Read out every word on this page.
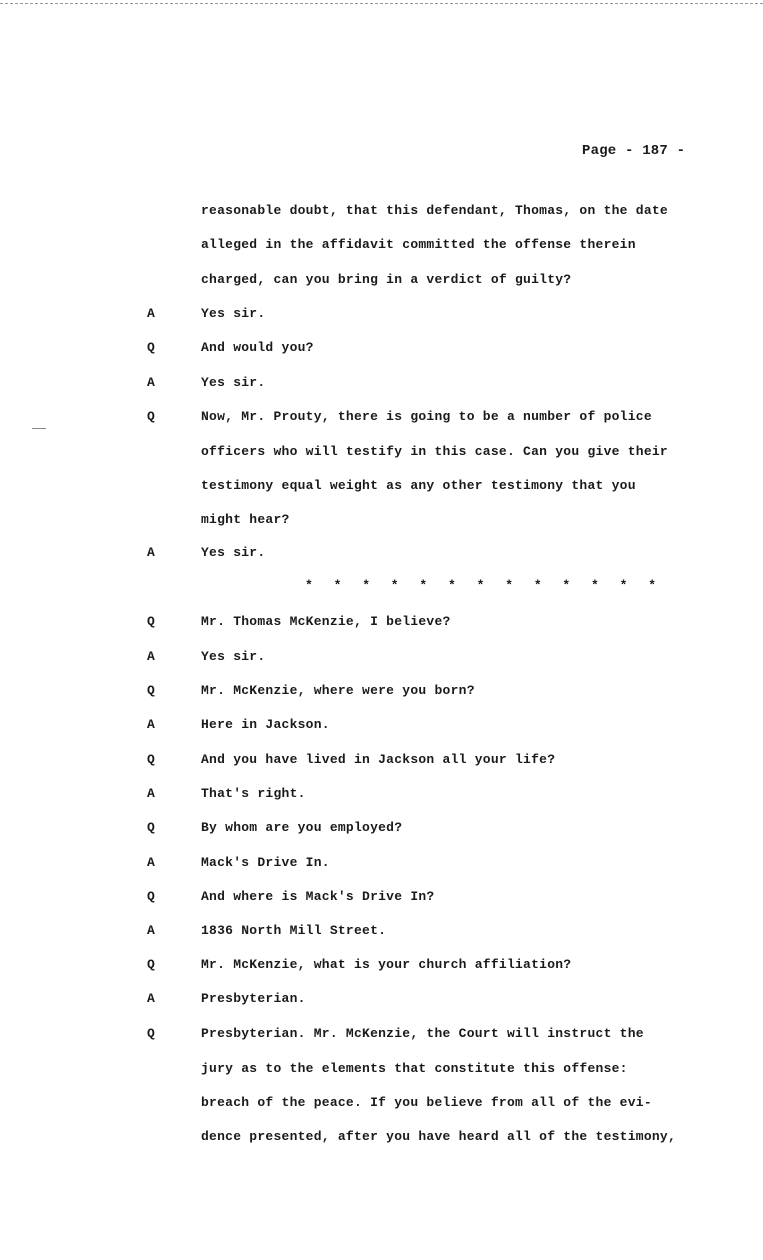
Page - 187 -
reasonable doubt, that this defendant, Thomas, on the date
alleged in the affidavit committed the offense therein
charged, can you bring in a verdict of guilty?
A	Yes sir.
Q	And would you?
A	Yes sir.
Q	Now, Mr. Prouty, there is going to be a number of police
officers who will testify in this case. Can you give their
testimony equal weight as any other testimony that you
might hear?
A	Yes sir.
* * * * * * * * * * * * *
Q	Mr. Thomas McKenzie, I believe?
A	Yes sir.
Q	Mr. McKenzie, where were you born?
A	Here in Jackson.
Q	And you have lived in Jackson all your life?
A	That's right.
Q	By whom are you employed?
A	Mack's Drive In.
Q	And where is Mack's Drive In?
A	1836 North Mill Street.
Q	Mr. McKenzie, what is your church affiliation?
A	Presbyterian.
Q	Presbyterian. Mr. McKenzie, the Court will instruct the
jury as to the elements that constitute this offense:
breach of the peace. If you believe from all of the evi-
dence presented, after you have heard all of the testimony,
